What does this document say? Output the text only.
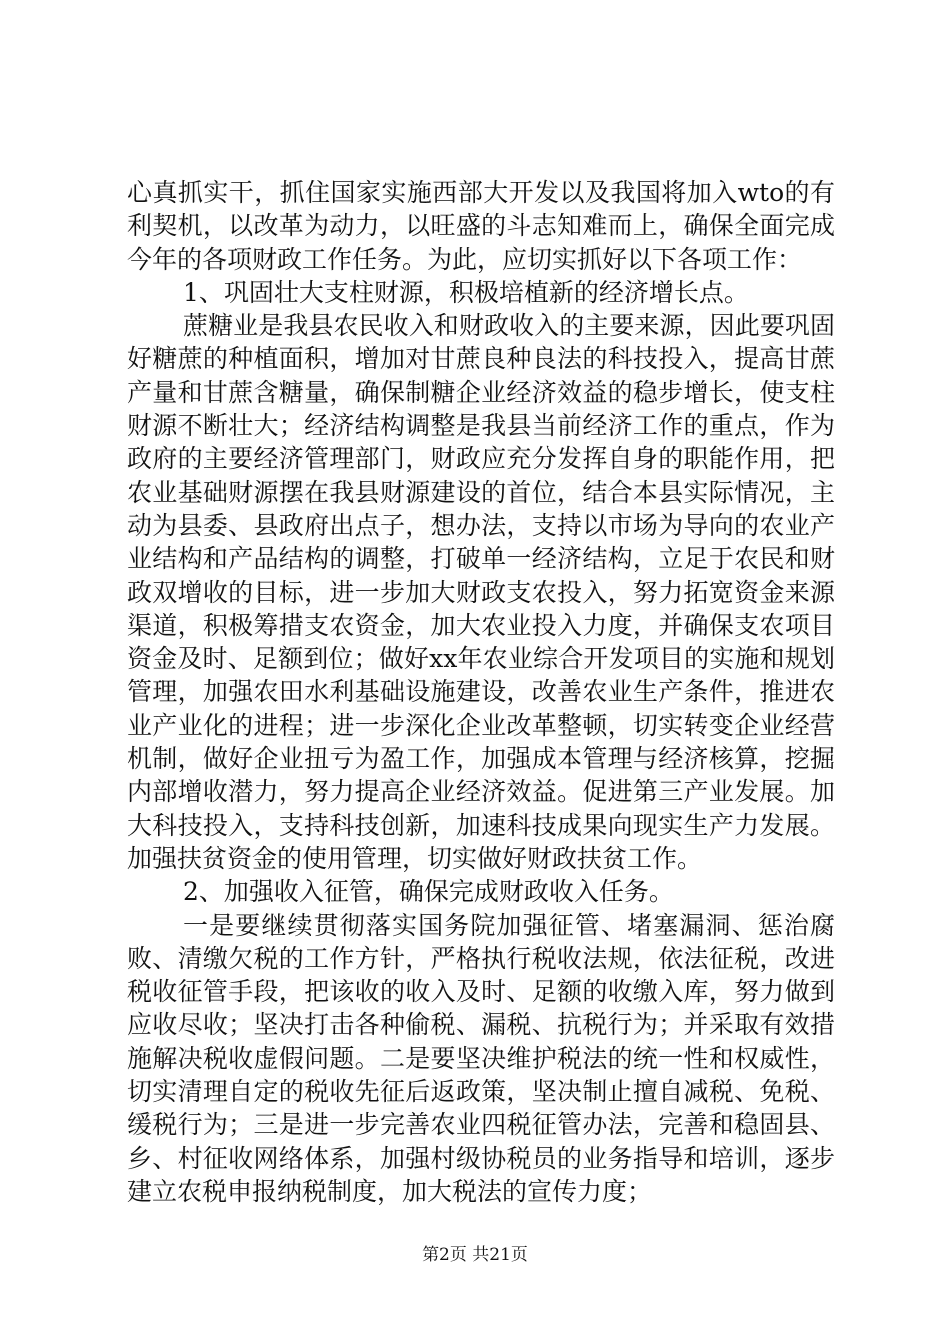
心真抓实干，抓住国家实施西部大开发以及我国将加入wto的有利契机，以改革为动力，以旺盛的斗志知难而上，确保全面完成今年的各项财政工作任务。为此，应切实抓好以下各项工作：

1、巩固壮大支柱财源，积极培植新的经济增长点。

蔗糖业是我县农民收入和财政收入的主要来源，因此要巩固好糖蔗的种植面积，增加对甘蔗良种良法的科技投入，提高甘蔗产量和甘蔗含糖量，确保制糖企业经济效益的稳步增长，使支柱财源不断壮大；经济结构调整是我县当前经济工作的重点，作为政府的主要经济管理部门，财政应充分发挥自身的职能作用，把农业基础财源摆在我县财源建设的首位，结合本县实际情况，主动为县委、县政府出点子，想办法，支持以市场为导向的农业产业结构和产品结构的调整，打破单一经济结构，立足于农民和财政双增收的目标，进一步加大财政支农投入，努力拓宽资金来源渠道，积极筹措支农资金，加大农业投入力度，并确保支农项目资金及时、足额到位；做好xx年农业综合开发项目的实施和规划管理，加强农田水利基础设施建设，改善农业生产条件，推进农业产业化的进程；进一步深化企业改革整顿，切实转变企业经营机制，做好企业扭亏为盈工作，加强成本管理与经济核算，挖掘内部增收潜力，努力提高企业经济效益。促进第三产业发展。加大科技投入，支持科技创新，加速科技成果向现实生产力发展。加强扶贫资金的使用管理，切实做好财政扶贫工作。

2、加强收入征管，确保完成财政收入任务。

一是要继续贯彻落实国务院加强征管、堵塞漏洞、惩治腐败、清缴欠税的工作方针，严格执行税收法规，依法征税，改进税收征管手段，把该收的收入及时、足额的收缴入库，努力做到应收尽收；坚决打击各种偷税、漏税、抗税行为；并采取有效措施解决税收虚假问题。二是要坚决维护税法的统一性和权威性，切实清理自定的税收先征后返政策，坚决制止擅自减税、免税、缓税行为；三是进一步完善农业四税征管办法，完善和稳固县、乡、村征收网络体系，加强村级协税员的业务指导和培训，逐步建立农税申报纳税制度，加大税法的宣传力度；

第2页 共21页
